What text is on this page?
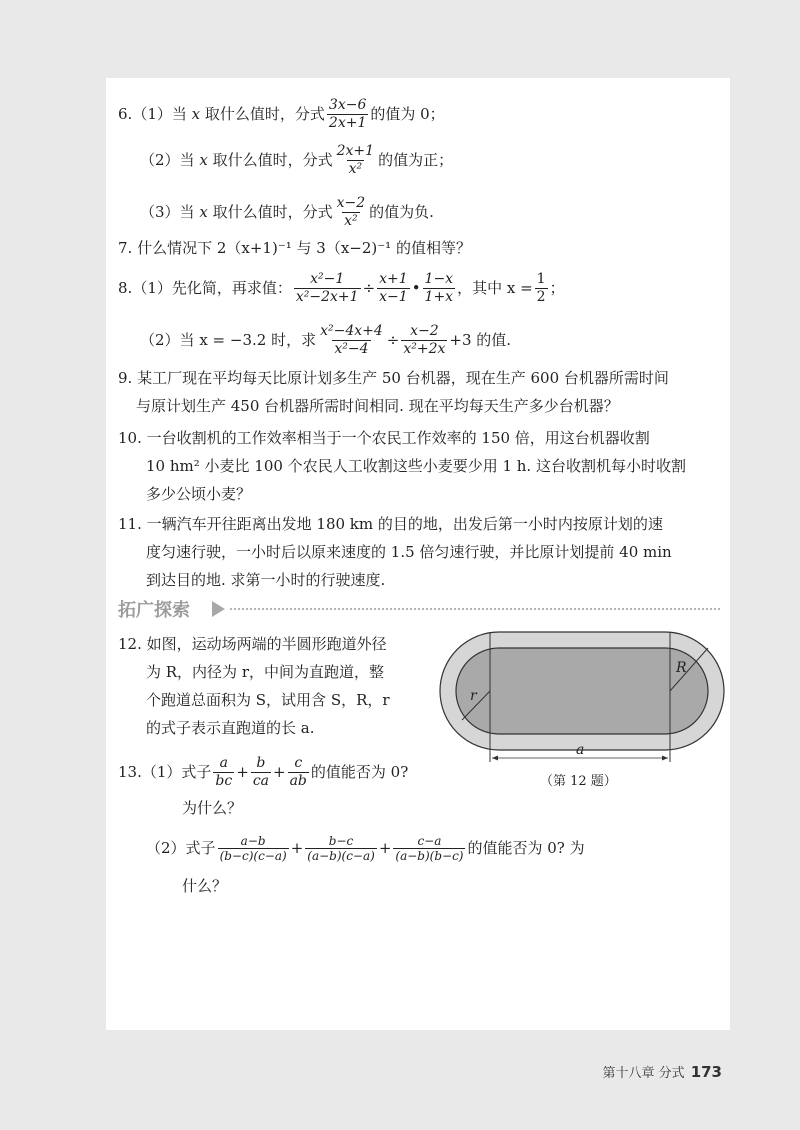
6. （1） 当
x
取什么值时，分式 $\frac{3x-6}{2x+1}$ 的值为 0；
（2） 当
x
取什么值时，分式 $\frac{2x+1}{\text{x²}}$ 的值为正；
（3） 当
x
取什么值时，分式 $\frac{x-2}{\text{x²}}$ 的值为负.
7. 什么情况下 2（x+1)⁻¹ 与 3（x−2)⁻¹ 的值相等？
8. （1） 先化简，再求值： $\frac{\text{x²−1}}{\text{x²−2x+1}} \div \frac{x+1}{x-1}$ • $\frac{1-x}{1+x}$ ，其中 $x = \frac{1}{2}$ ；
（2） 当 x = −3.2 时，求 $\frac{\text{x²−4x+4}}{\text{x²−4}} \div \frac{x-2}{\text{x²+2x}} +3$ 的值.
9. 某工厂现在平均每天比原计划多生产 50 台机器，现在生产 600 台机器所需时间
与原计划生产 450 台机器所需时间相同. 现在平均每天生产多少台机器？
10. 一台收割机的工作效率相当于一个农民工作效率的 150 倍，用这台机器收割
10 hm² 小麦比 100 个农民人工收割这些小麦要少用 1 h. 这台收割机每小时收割
多少公顷小麦？
11. 一辆汽车开往距离出发地 180 km 的目的地，出发后第一小时内按原计划的速
度匀速行驶，一小时后以原来速度的 1.5 倍匀速行驶，并比原计划提前 40 min
到达目的地. 求第一小时的行驶速度.
拓广探索
12. 如图，运动场两端的半圆形跑道外径
为 R，内径为 r，中间为直跑道，整
个跑道总面积为 S，试用含 S，R，r
的式子表示直跑道的长 a.
R
r
a
（第 12 题）
13. （1） 式子 $\frac{a}{bc} + \frac{b}{ca} + \frac{c}{ab}$ 的值能否为 0?
为什么？
（2） 式子 $\frac{a-b}{(b-c)(c-a)} + \frac{b-c}{(a-b)(c-a)} + \frac{c-a}{(a-b)(b-c)}$ 的值能否为 0? 为
什么？
第十八章 分式 173
